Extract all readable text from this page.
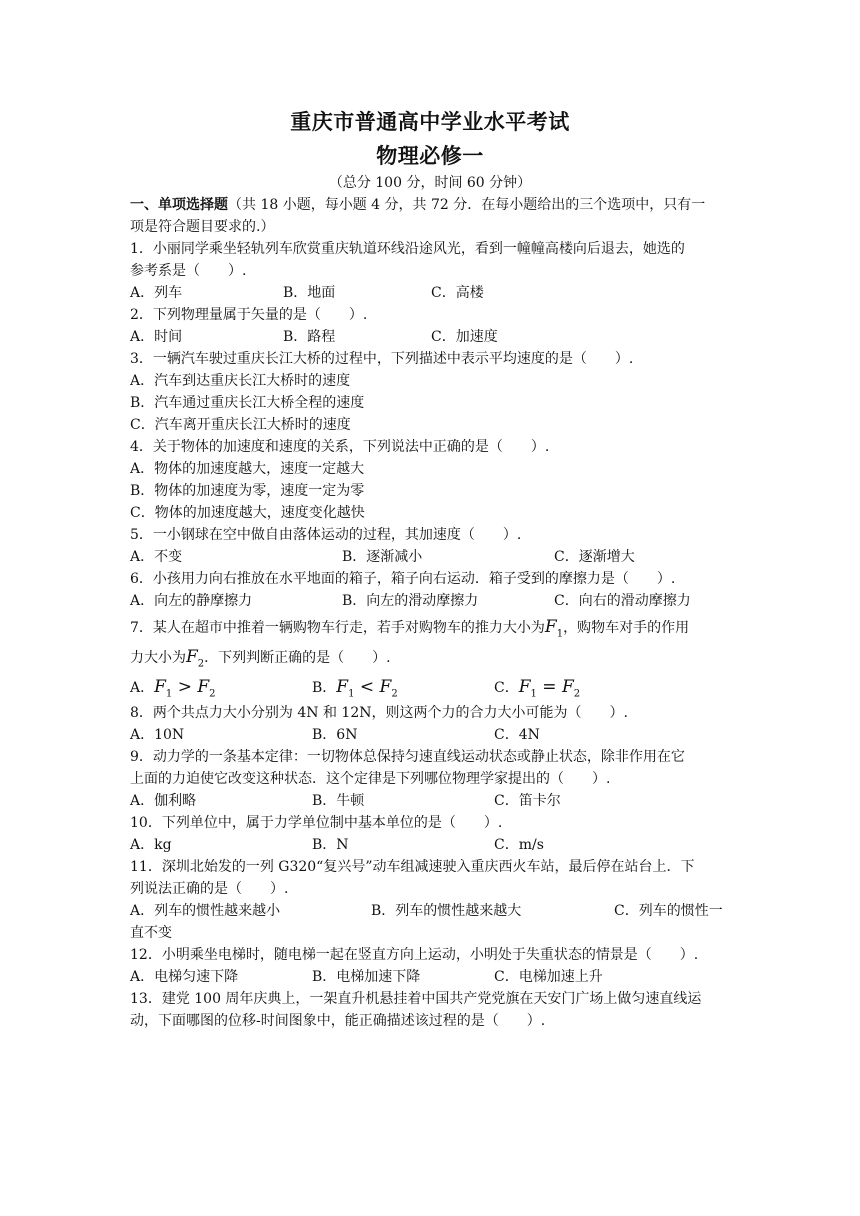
重庆市普通高中学业水平考试
物理必修一
（总分 100 分，时间 60 分钟）
一、单项选择题（共 18 小题，每小题 4 分，共 72 分．在每小题给出的三个选项中，只有一
项是符合题目要求的.）
1．小丽同学乘坐轻轨列车欣赏重庆轨道环线沿途风光，看到一幢幢高楼向后退去，她选的
参考系是（　　）.
A．列车	B．地面	C．高楼
2．下列物理量属于矢量的是（　　）.
A．时间	B．路程	C．加速度
3．一辆汽车驶过重庆长江大桥的过程中，下列描述中表示平均速度的是（　　）.
A．汽车到达重庆长江大桥时的速度
B．汽车通过重庆长江大桥全程的速度
C．汽车离开重庆长江大桥时的速度
4．关于物体的加速度和速度的关系，下列说法中正确的是（　　）.
A．物体的加速度越大，速度一定越大
B．物体的加速度为零，速度一定为零
C．物体的加速度越大，速度变化越快
5．一小钢球在空中做自由落体运动的过程，其加速度（　　）.
A．不变	B．逐渐减小	C．逐渐增大
6．小孩用力向右推放在水平地面的箱子，箱子向右运动．箱子受到的摩擦力是（　　）.
A．向左的静摩擦力	B．向左的滑动摩擦力	C．向右的滑动摩擦力
7．某人在超市中推着一辆购物车行走，若手对购物车的推力大小为$F_1$，购物车对手的作用
力大小为$F_2$．下列判断正确的是（　　）.
A．$F_1 > F_2$	B．$F_1 < F_2$	C．$F_1 = F_2$
8．两个共点力大小分别为 4N 和 12N，则这两个力的合力大小可能为（　　）.
A．10N	B．6N	C．4N
9．动力学的一条基本定律：一切物体总保持匀速直线运动状态或静止状态，除非作用在它
上面的力迫使它改变这种状态．这个定律是下列哪位物理学家提出的（　　）.
A．伽利略	B．牛顿	C．笛卡尔
10．下列单位中，属于力学单位制中基本单位的是（　　）.
A．kg	B．N	C．m/s
11．深圳北始发的一列 G320“复兴号”动车组减速驶入重庆西火车站，最后停在站台上．下
列说法正确的是（　　）.
A．列车的惯性越来越小	B．列车的惯性越来越大	C．列车的惯性一
直不变
12．小明乘坐电梯时，随电梯一起在竖直方向上运动，小明处于失重状态的情景是（　　）.
A．电梯匀速下降	B．电梯加速下降	C．电梯加速上升
13．建党 100 周年庆典上，一架直升机悬挂着中国共产党党旗在天安门广场上做匀速直线运
动，下面哪图的位移-时间图象中，能正确描述该过程的是（　　）.
